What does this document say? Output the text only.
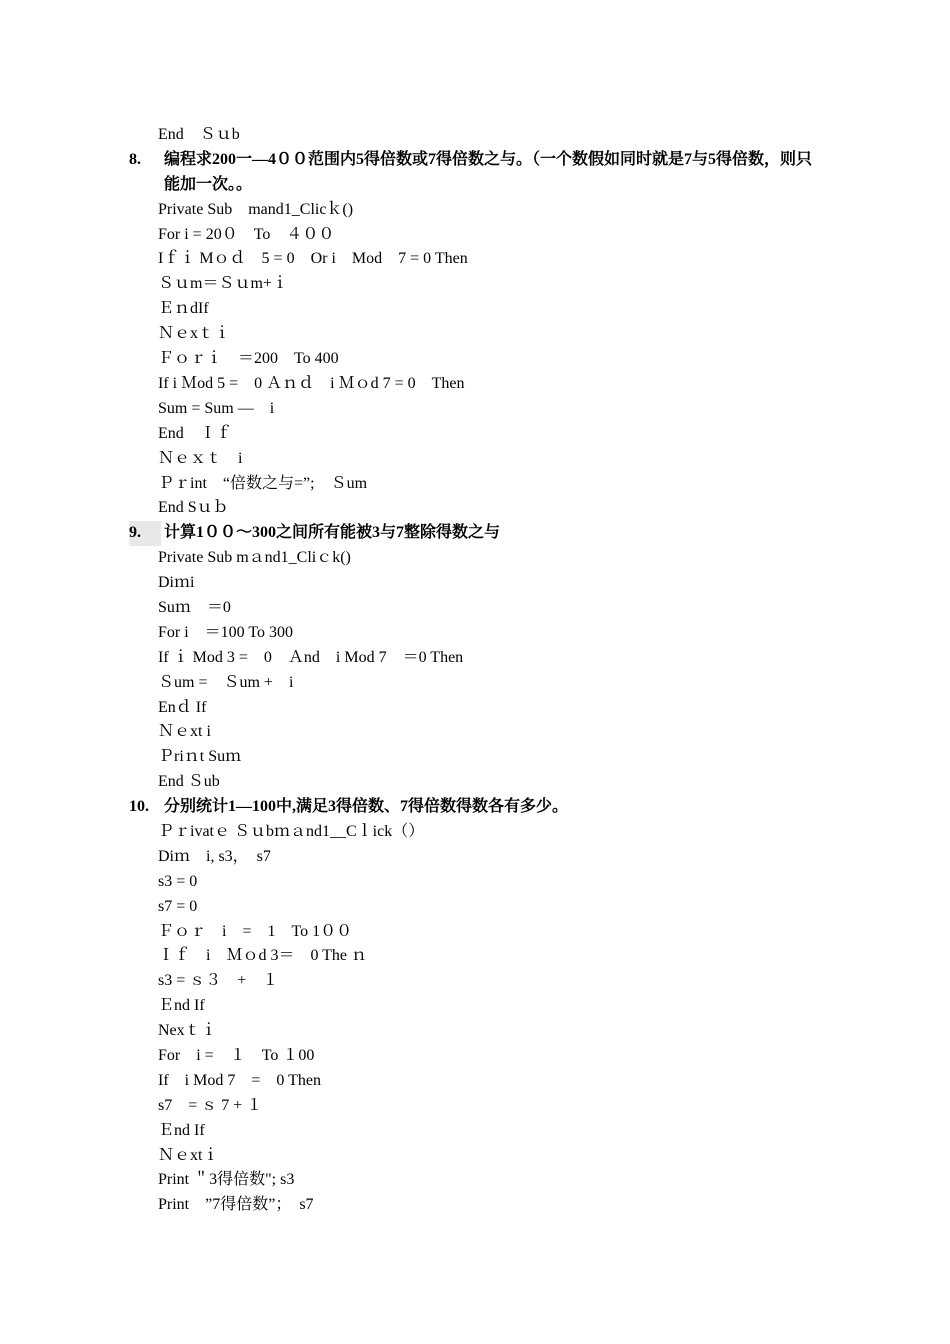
End　Ｓｕb
8.	编程求200一—4００范围内5得倍数或7得倍数之与。（一个数假如同时就是7与5得倍数，则只能加一次。。
Private Sub　mand1_Clicｋ()
For i = 20０　To　４００
Iｆｉ Mｏｄ　5 = 0　Or i　Mod　7 = 0 Then
Ｓｕm＝Ｓｕm+ｉ
ＥｎdIf
Ｎｅxｔｉ
Ｆｏｒｉ　＝200　To 400
If i Ｍod 5 =　0 Ａｎｄ　i Ｍｏd 7 = 0　Then
Sum = Sum —　i
End　Ｉｆ
Ｎｅｘｔ　i
Ｐｒint　“倍数之与=”;　Ｓum
End Sｕｂ
9.	计算1００～300之间所有能被3与7整除得数之与
Private Sub mａnd1_Cliｃk()
Diｍi
Suｍ　＝0
For i　＝100 To 300
If ｉ Mod 3 =　0　Ａnd　i Mod 7　＝0 Then
Ｓum =　Ｓum +　i
Enｄ If
Ｎｅxt i
Ｐriｎt Suｍ
End Ｓub
10. 分别统计1—100中,满足3得倍数、7得倍数得数各有多少。
Ｐｒivatｅ Ｓｕbｍａnd1__Cｌick（）
Diｍ　i, s3，　s7
s3 = 0
s7 = 0
Ｆｏｒ　i　=　1　To 1００
Ｉｆ　i　Ｍｏd 3＝　0 The ｎ
s3 = ｓ３　+　１
Ｅnd If
Nexｔｉ
For　i =　１　To １00
If　i Mod 7　=　0 Then
s7　= ｓ 7 + １
Ｅnd If
Ｎｅxtｉ
Print ＂3得倍数"; s3
Print　”7得倍数”；　s7
